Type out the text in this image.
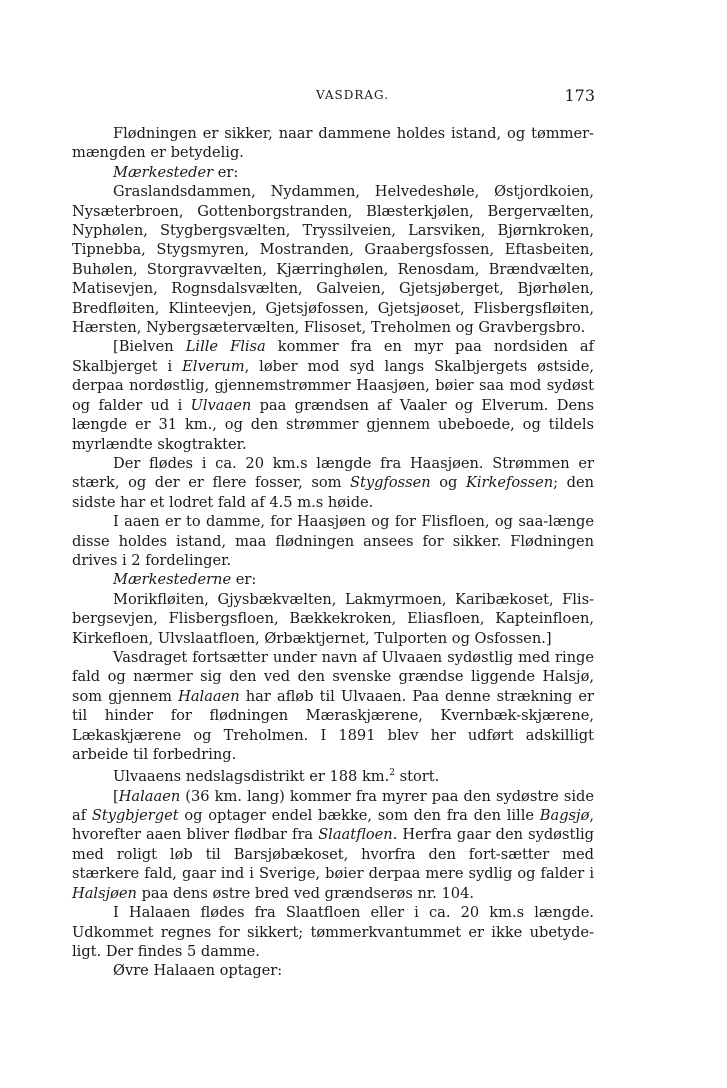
VASDRAG.	173

Flødningen er sikker, naar dammene holdes istand, og tømmer-mængden er betydelig.

Mærkesteder er:

Graslandsdammen, Nydammen, Helvedeshøle, Østjordkoien, Nysæterbroen, Gottenborgstranden, Blæsterkjølen, Bergervælten, Nyphølen, Stygbergsvælten, Tryssilveien, Larsviken, Bjørnkroken, Tipnebba, Stygsmyren, Mostranden, Graabergsfossen, Eftasbeiten, Buhølen, Storgravvælten, Kjærringhølen, Renosdam, Brændvælten, Matisevjen, Rognsdalsvælten, Galveien, Gjetsjøberget, Bjørhølen, Bredfløiten, Klinteevjen, Gjetsjøfossen, Gjetsjøoset, Flisbergsfløiten, Hærsten, Nybergsætervælten, Flisoset, Treholmen og Gravbergsbro.

[Bielven Lille Flisa kommer fra en myr paa nordsiden af Skalbjerget i Elverum, løber mod syd langs Skalbjergets østside, derpaa nordøstlig, gjennemstrømmer Haasjøen, bøier saa mod sydøst og falder ud i Ulvaaen paa grændsen af Vaaler og Elverum. Dens længde er 31 km., og den strømmer gjennem ubeboede, og tildels myrlændte skogtrakter.

Der flødes i ca. 20 km.s længde fra Haasjøen. Strømmen er stærk, og der er flere fosser, som Stygfossen og Kirkefossen; den sidste har et lodret fald af 4.5 m.s høide.

I aaen er to damme, for Haasjøen og for Flisfloen, og saa-længe disse holdes istand, maa flødningen ansees for sikker. Flødningen drives i 2 fordelinger.

Mærkestederne er:

Morikfløiten, Gjysbækvælten, Lakmyrmoen, Karibækoset, Flis-bergsevjen, Flisbergsfloen, Bækkekroken, Eliasfloen, Kapteinfloen, Kirkefloen, Ulvslaatfloen, Ørbæktjernet, Tulporten og Osfossen.]

Vasdraget fortsætter under navn af Ulvaaen sydøstlig med ringe fald og nærmer sig den ved den svenske grændse liggende Halsjø, som gjennem Halaaen har afløb til Ulvaaen. Paa denne strækning er til hinder for flødningen Mæraskjærene, Kvernbæk-skjærene, Lækaskjærene og Treholmen. I 1891 blev her udført adskilligt arbeide til forbedring.

Ulvaaens nedslagsdistrikt er 188 km.$^2$ stort.

[Halaaen (36 km. lang) kommer fra myrer paa den sydøstre side af Stygbjerget og optager endel bække, som den fra den lille Bagsjø, hvorefter aaen bliver flødbar fra Slaatfloen. Herfra gaar den sydøstlig med roligt løb til Barsjøbækoset, hvorfra den fort-sætter med stærkere fald, gaar ind i Sverige, bøier derpaa mere sydlig og falder i Halsjøen paa dens østre bred ved grændserøs nr. 104.

I Halaaen flødes fra Slaatfloen eller i ca. 20 km.s længde. Udkommet regnes for sikkert; tømmerkvantummet er ikke ubetyde-ligt. Der findes 5 damme.

Øvre Halaaen optager:
